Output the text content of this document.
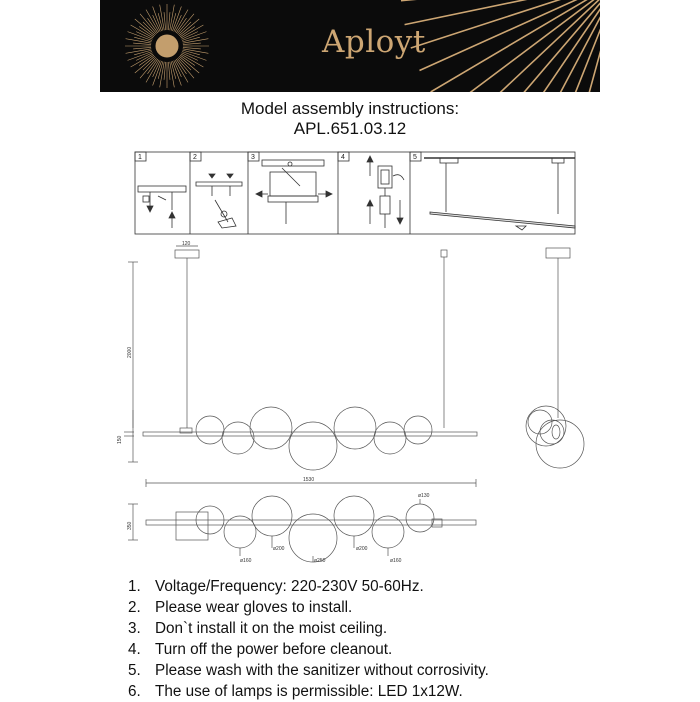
Aployt
Model assembly instructions:
APL.651.03.12
1	2	3	4	5
120
2000
150
1530
350
ø130
ø160
ø200
ø250
ø200
ø160
1. Voltage/Frequency: 220-230V 50-60Hz.
2. Please wear gloves to install.
3. Don`t install it on the moist ceiling.
4. Turn off the power before cleanout.
5. Please wash with the sanitizer without corrosivity.
6. The use of lamps is permissible: LED 1x12W.
